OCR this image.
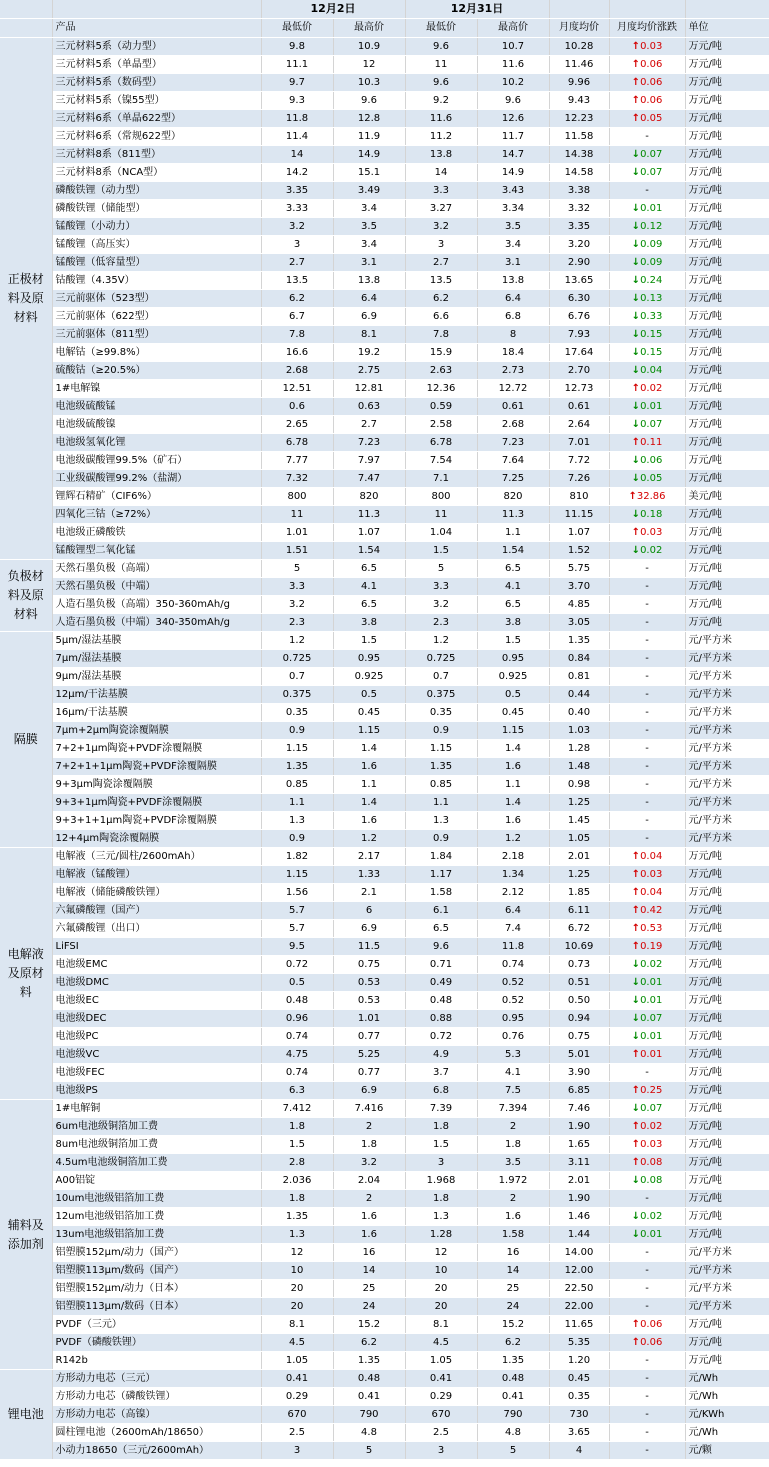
		12月2日		12月31日				
	产品	最低价	最高价	最低价	最高价	月度均价	月度均价涨跌	单位
正极材料及原材料	三元材料5系（动力型）	9.8	10.9	9.6	10.7	10.28	↑0.03	万元/吨
	三元材料5系（单晶型）	11.1	12	11	11.6	11.46	↑0.06	万元/吨
	三元材料5系（数码型）	9.7	10.3	9.6	10.2	9.96	↑0.06	万元/吨
	三元材料5系（镍55型）	9.3	9.6	9.2	9.6	9.43	↑0.06	万元/吨
	三元材料6系（单晶622型）	11.8	12.8	11.6	12.6	12.23	↑0.05	万元/吨
	三元材料6系（常规622型）	11.4	11.9	11.2	11.7	11.58	-	万元/吨
	三元材料8系（811型）	14	14.9	13.8	14.7	14.38	↓0.07	万元/吨
	三元材料8系（NCA型）	14.2	15.1	14	14.9	14.58	↓0.07	万元/吨
	磷酸铁锂（动力型）	3.35	3.49	3.3	3.43	3.38	-	万元/吨
	磷酸铁锂（储能型）	3.33	3.4	3.27	3.34	3.32	↓0.01	万元/吨
	锰酸锂（小动力）	3.2	3.5	3.2	3.5	3.35	↓0.12	万元/吨
	锰酸锂（高压实）	3	3.4	3	3.4	3.20	↓0.09	万元/吨
	锰酸锂（低容量型）	2.7	3.1	2.7	3.1	2.90	↓0.09	万元/吨
	钴酸锂（4.35V）	13.5	13.8	13.5	13.8	13.65	↓0.24	万元/吨
	三元前驱体（523型）	6.2	6.4	6.2	6.4	6.30	↓0.13	万元/吨
	三元前驱体（622型）	6.7	6.9	6.6	6.8	6.76	↓0.33	万元/吨
	三元前驱体（811型）	7.8	8.1	7.8	8	7.93	↓0.15	万元/吨
	电解钴（≥99.8%）	16.6	19.2	15.9	18.4	17.64	↓0.15	万元/吨
	硫酸钴（≥20.5%）	2.68	2.75	2.63	2.73	2.70	↓0.04	万元/吨
	1#电解镍	12.51	12.81	12.36	12.72	12.73	↑0.02	万元/吨
	电池级硫酸锰	0.6	0.63	0.59	0.61	0.61	↓0.01	万元/吨
	电池级硫酸镍	2.65	2.7	2.58	2.68	2.64	↓0.07	万元/吨
	电池级氢氧化锂	6.78	7.23	6.78	7.23	7.01	↑0.11	万元/吨
	电池级碳酸锂99.5%（矿石）	7.77	7.97	7.54	7.64	7.72	↓0.06	万元/吨
	工业级碳酸锂99.2%（盐湖）	7.32	7.47	7.1	7.25	7.26	↓0.05	万元/吨
	锂辉石精矿（CIF6%）	800	820	800	820	810	↑32.86	美元/吨
	四氧化三钴（≥72%）	11	11.3	11	11.3	11.15	↓0.18	万元/吨
	电池级正磷酸铁	1.01	1.07	1.04	1.1	1.07	↑0.03	万元/吨
	锰酸锂型二氧化锰	1.51	1.54	1.5	1.54	1.52	↓0.02	万元/吨
负极材料及原材料	天然石墨负极（高端）	5	6.5	5	6.5	5.75	-	万元/吨
	天然石墨负极（中端）	3.3	4.1	3.3	4.1	3.70	-	万元/吨
	人造石墨负极（高端）350-360mAh/g	3.2	6.5	3.2	6.5	4.85	-	万元/吨
	人造石墨负极（中端）340-350mAh/g	2.3	3.8	2.3	3.8	3.05	-	万元/吨
隔膜	5μm/湿法基膜	1.2	1.5	1.2	1.5	1.35	-	元/平方米
	7μm/湿法基膜	0.725	0.95	0.725	0.95	0.84	-	元/平方米
	9μm/湿法基膜	0.7	0.925	0.7	0.925	0.81	-	元/平方米
	12μm/干法基膜	0.375	0.5	0.375	0.5	0.44	-	元/平方米
	16μm/干法基膜	0.35	0.45	0.35	0.45	0.40	-	元/平方米
	7μm+2μm陶瓷涂覆隔膜	0.9	1.15	0.9	1.15	1.03	-	元/平方米
	7+2+1μm陶瓷+PVDF涂覆隔膜	1.15	1.4	1.15	1.4	1.28	-	元/平方米
	7+2+1+1μm陶瓷+PVDF涂覆隔膜	1.35	1.6	1.35	1.6	1.48	-	元/平方米
	9+3μm陶瓷涂覆隔膜	0.85	1.1	0.85	1.1	0.98	-	元/平方米
	9+3+1μm陶瓷+PVDF涂覆隔膜	1.1	1.4	1.1	1.4	1.25	-	元/平方米
	9+3+1+1μm陶瓷+PVDF涂覆隔膜	1.3	1.6	1.3	1.6	1.45	-	元/平方米
	12+4μm陶瓷涂覆隔膜	0.9	1.2	0.9	1.2	1.05	-	元/平方米
电解液及原材料	电解液（三元/圆柱/2600mAh）	1.82	2.17	1.84	2.18	2.01	↑0.04	万元/吨
	电解液（锰酸锂）	1.15	1.33	1.17	1.34	1.25	↑0.03	万元/吨
	电解液（储能磷酸铁锂）	1.56	2.1	1.58	2.12	1.85	↑0.04	万元/吨
	六氟磷酸锂（国产）	5.7	6	6.1	6.4	6.11	↑0.42	万元/吨
	六氟磷酸锂（出口）	5.7	6.9	6.5	7.4	6.72	↑0.53	万元/吨
	LiFSI	9.5	11.5	9.6	11.8	10.69	↑0.19	万元/吨
	电池级EMC	0.72	0.75	0.71	0.74	0.73	↓0.02	万元/吨
	电池级DMC	0.5	0.53	0.49	0.52	0.51	↓0.01	万元/吨
	电池级EC	0.48	0.53	0.48	0.52	0.50	↓0.01	万元/吨
	电池级DEC	0.96	1.01	0.88	0.95	0.94	↓0.07	万元/吨
	电池级PC	0.74	0.77	0.72	0.76	0.75	↓0.01	万元/吨
	电池级VC	4.75	5.25	4.9	5.3	5.01	↑0.01	万元/吨
	电池级FEC	0.74	0.77	3.7	4.1	3.90	-	万元/吨
	电池级PS	6.3	6.9	6.8	7.5	6.85	↑0.25	万元/吨
辅料及添加剂	1#电解铜	7.412	7.416	7.39	7.394	7.46	↓0.07	万元/吨
	6um电池级铜箔加工费	1.8	2	1.8	2	1.90	↑0.02	万元/吨
	8um电池级铜箔加工费	1.5	1.8	1.5	1.8	1.65	↑0.03	万元/吨
	4.5um电池级铜箔加工费	2.8	3.2	3	3.5	3.11	↑0.08	万元/吨
	A00铝锭	2.036	2.04	1.968	1.972	2.01	↓0.08	万元/吨
	10um电池级铝箔加工费	1.8	2	1.8	2	1.90	-	万元/吨
	12um电池级铝箔加工费	1.35	1.6	1.3	1.6	1.46	↓0.02	万元/吨
	13um电池级铝箔加工费	1.3	1.6	1.28	1.58	1.44	↓0.01	万元/吨
	铝塑膜152μm/动力（国产）	12	16	12	16	14.00	-	元/平方米
	铝塑膜113μm/数码（国产）	10	14	10	14	12.00	-	元/平方米
	铝塑膜152μm/动力（日本）	20	25	20	25	22.50	-	元/平方米
	铝塑膜113μm/数码（日本）	20	24	20	24	22.00	-	元/平方米
	PVDF（三元）	8.1	15.2	8.1	15.2	11.65	↑0.06	万元/吨
	PVDF（磷酸铁锂）	4.5	6.2	4.5	6.2	5.35	↑0.06	万元/吨
	R142b	1.05	1.35	1.05	1.35	1.20	-	万元/吨
锂电池	方形动力电芯（三元）	0.41	0.48	0.41	0.48	0.45	-	元/Wh
	方形动力电芯（磷酸铁锂）	0.29	0.41	0.29	0.41	0.35	-	元/Wh
	方形动力电芯（高镍）	670	790	670	790	730	-	元/KWh
	圆柱锂电池（2600mAh/18650）	2.5	4.8	2.5	4.8	3.65	-	元/Wh
	小动力18650（三元/2600mAh）	3	5	3	5	4	-	元/颗
